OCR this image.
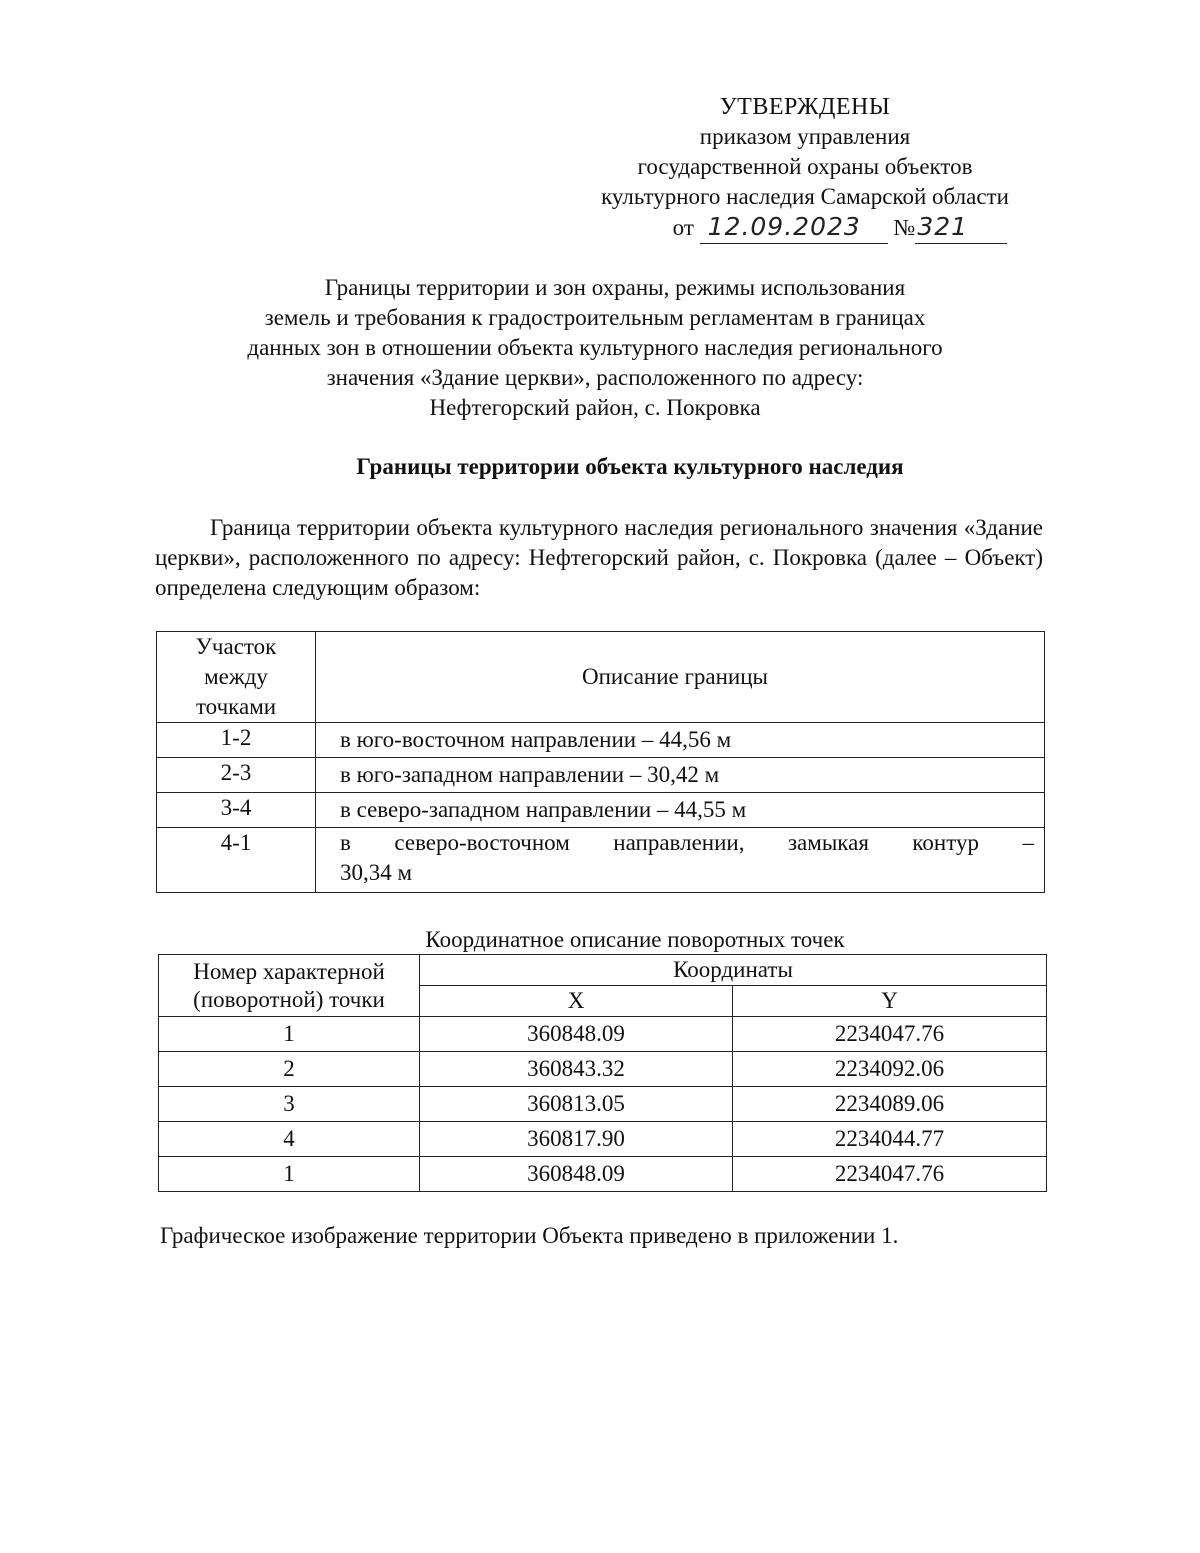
УТВЕРЖДЕНЫ
приказом управления
государственной охраны объектов
культурного наследия Самарской области
от 12.09.2023 №321
Границы территории и зон охраны, режимы использования
земель и требования к градостроительным регламентам в границах
данных зон в отношении объекта культурного наследия регионального
значения «Здание церкви», расположенного по адресу:
Нефтегорский район, с. Покровка
Границы территории объекта культурного наследия

Граница территории объекта культурного наследия регионального значения «Здание церкви», расположенного по адресу: Нефтегорский район, с. Покровка (далее – Объект) определена следующим образом:

Участок
между
точками	Описание границы
1-2	в юго-восточном направлении – 44,56 м
2-3	в юго-западном направлении – 30,42 м
3-4	в северо-западном направлении – 44,55 м
4-1	в северо-восточном направлении, замыкая контур –
30,34 м
Координатное описание поворотных точек
Номер характерной
(поворотной) точки	Координаты	
	X	Y
1	360848.09	2234047.76
2	360843.32	2234092.06
3	360813.05	2234089.06
4	360817.90	2234044.77
1	360848.09	2234047.76
Графическое изображение территории Объекта приведено в приложении 1.
